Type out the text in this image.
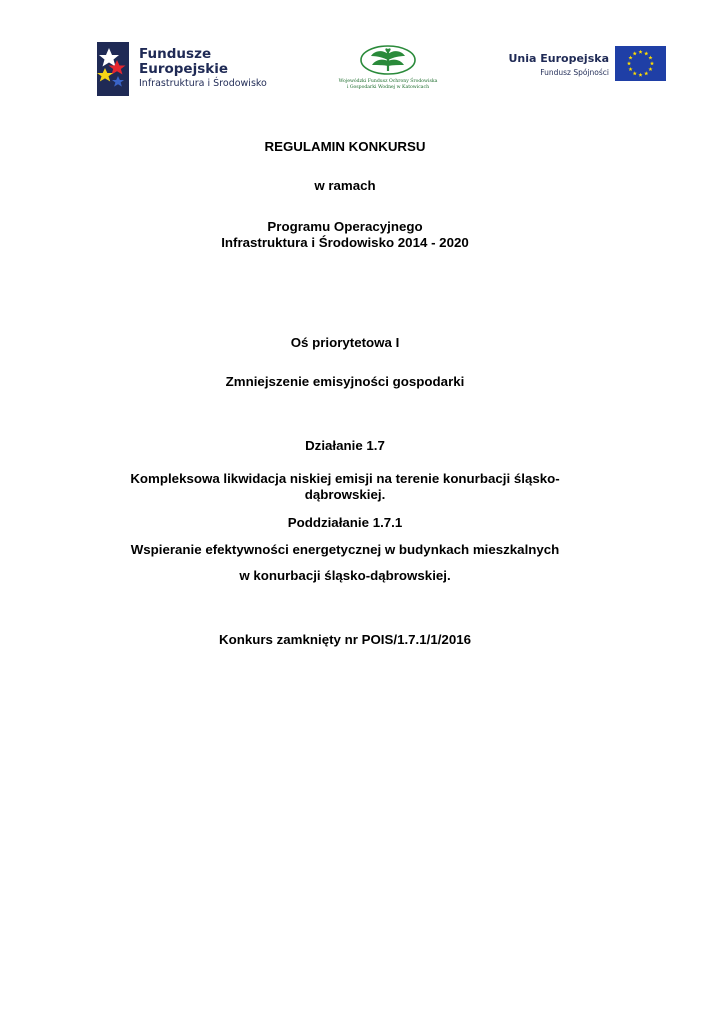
Fundusze
Europejskie
Infrastruktura i Środowisko	Wojewódzki Fundusz Ochrony Środowiska
i Gospodarki Wodnej w Katowicach
Unia Europejska
Fundusz Spójności
REGULAMIN KONKURSU
w ramach
Programu Operacyjnego
Infrastruktura i Środowisko 2014 - 2020
Oś priorytetowa I
Zmniejszenie emisyjności gospodarki
Działanie 1.7
Kompleksowa likwidacja niskiej emisji na terenie konurbacji śląsko-
dąbrowskiej.
Poddziałanie 1.7.1
Wspieranie efektywności energetycznej w budynkach mieszkalnych
w konurbacji śląsko-dąbrowskiej.
Konkurs zamknięty nr POIS/1.7.1/1/2016
